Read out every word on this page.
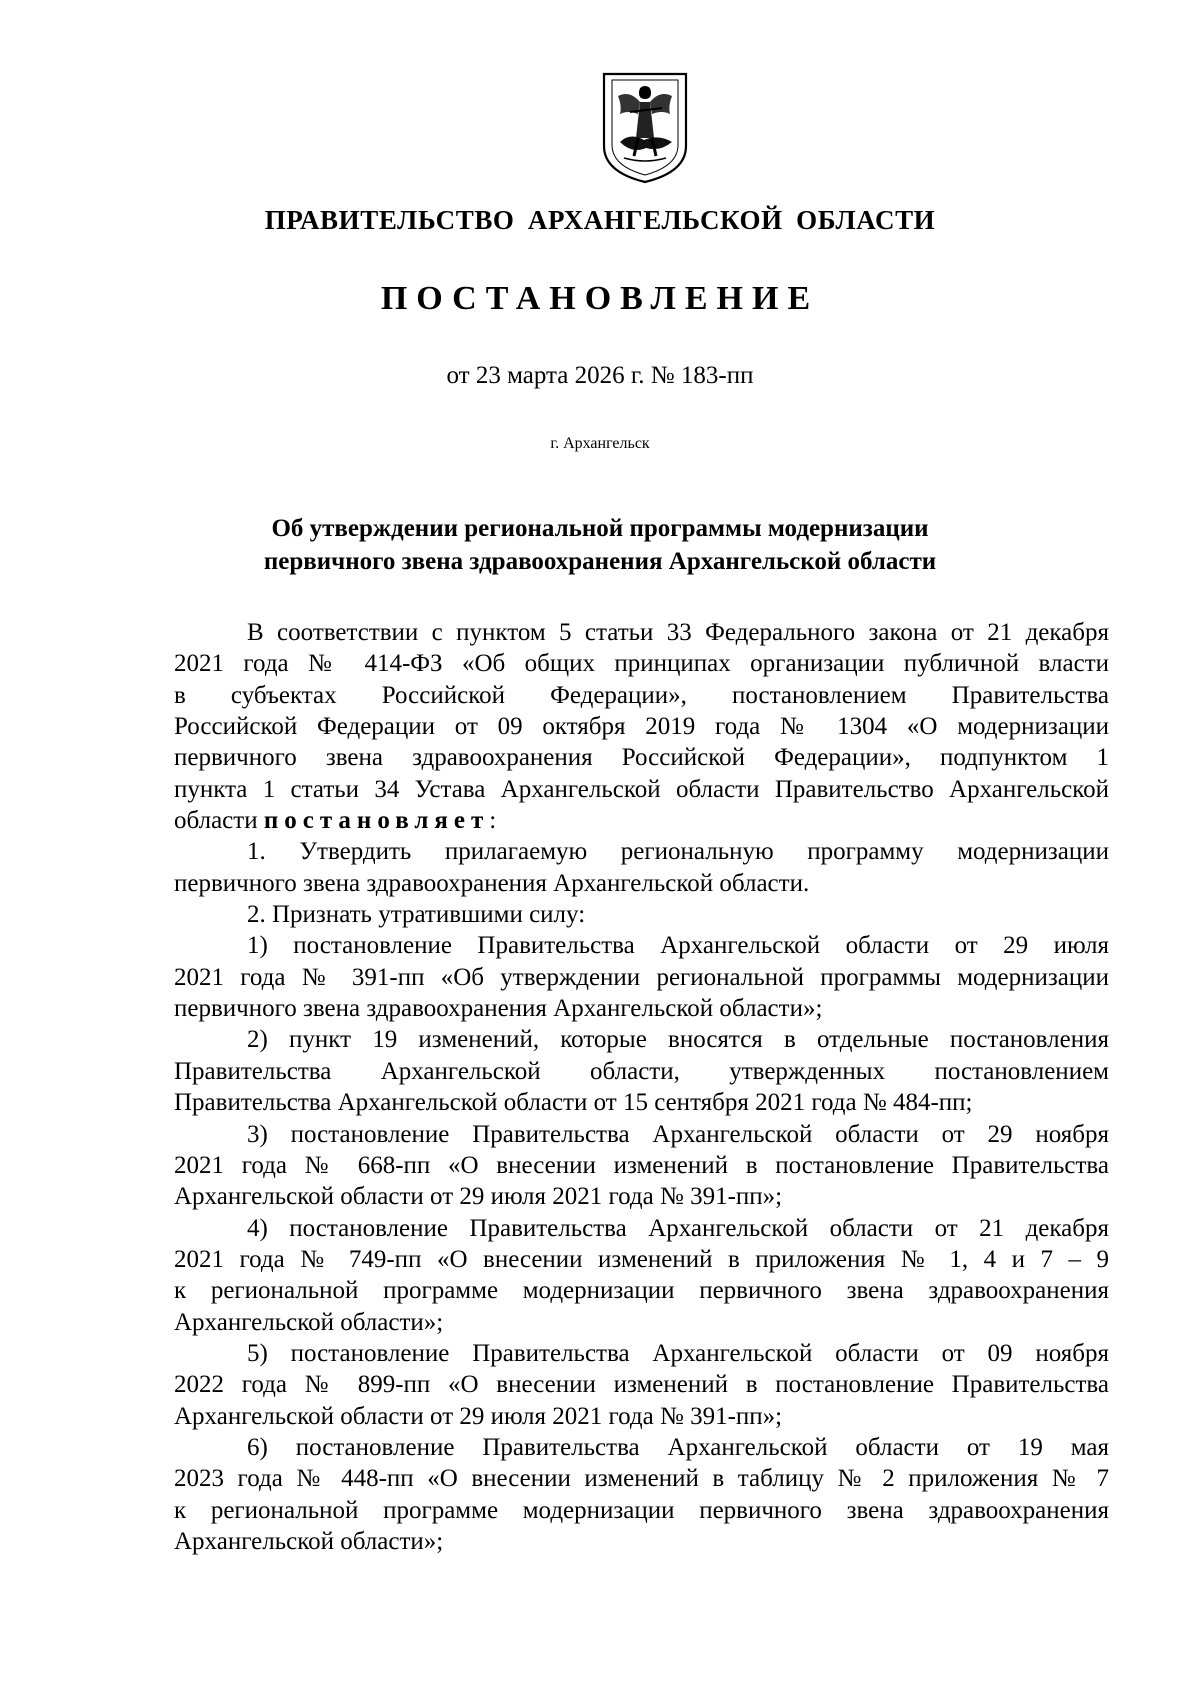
ПРАВИТЕЛЬСТВО АРХАНГЕЛЬСКОЙ ОБЛАСТИ
ПОСТАНОВЛЕНИЕ
от 23 марта 2026 г. № 183-пп
г. Архангельск
Об утверждении региональной программы модернизации
первичного звена здравоохранения Архангельской области
В соответствии с пунктом 5 статьи 33 Федерального закона от 21 декабря
2021 года № 414-ФЗ «Об общих принципах организации публичной власти
в субъектах Российской Федерации», постановлением Правительства
Российской Федерации от 09 октября 2019 года № 1304 «О модернизации
первичного звена здравоохранения Российской Федерации», подпунктом 1
пункта 1 статьи 34 Устава Архангельской области Правительство Архангельской
области постановляет:
1. Утвердить прилагаемую региональную программу модернизации
первичного звена здравоохранения Архангельской области.
2. Признать утратившими силу:
1) постановление Правительства Архангельской области от 29 июля
2021 года № 391-пп «Об утверждении региональной программы модернизации
первичного звена здравоохранения Архангельской области»;
2) пункт 19 изменений, которые вносятся в отдельные постановления
Правительства Архангельской области, утвержденных постановлением
Правительства Архангельской области от 15 сентября 2021 года № 484-пп;
3) постановление Правительства Архангельской области от 29 ноября
2021 года № 668-пп «О внесении изменений в постановление Правительства
Архангельской области от 29 июля 2021 года № 391-пп»;
4) постановление Правительства Архангельской области от 21 декабря
2021 года № 749-пп «О внесении изменений в приложения № 1, 4 и 7 – 9
к региональной программе модернизации первичного звена здравоохранения
Архангельской области»;
5) постановление Правительства Архангельской области от 09 ноября
2022 года № 899-пп «О внесении изменений в постановление Правительства
Архангельской области от 29 июля 2021 года № 391-пп»;
6) постановление Правительства Архангельской области от 19 мая
2023 года № 448-пп «О внесении изменений в таблицу № 2 приложения № 7
к региональной программе модернизации первичного звена здравоохранения
Архангельской области»;
